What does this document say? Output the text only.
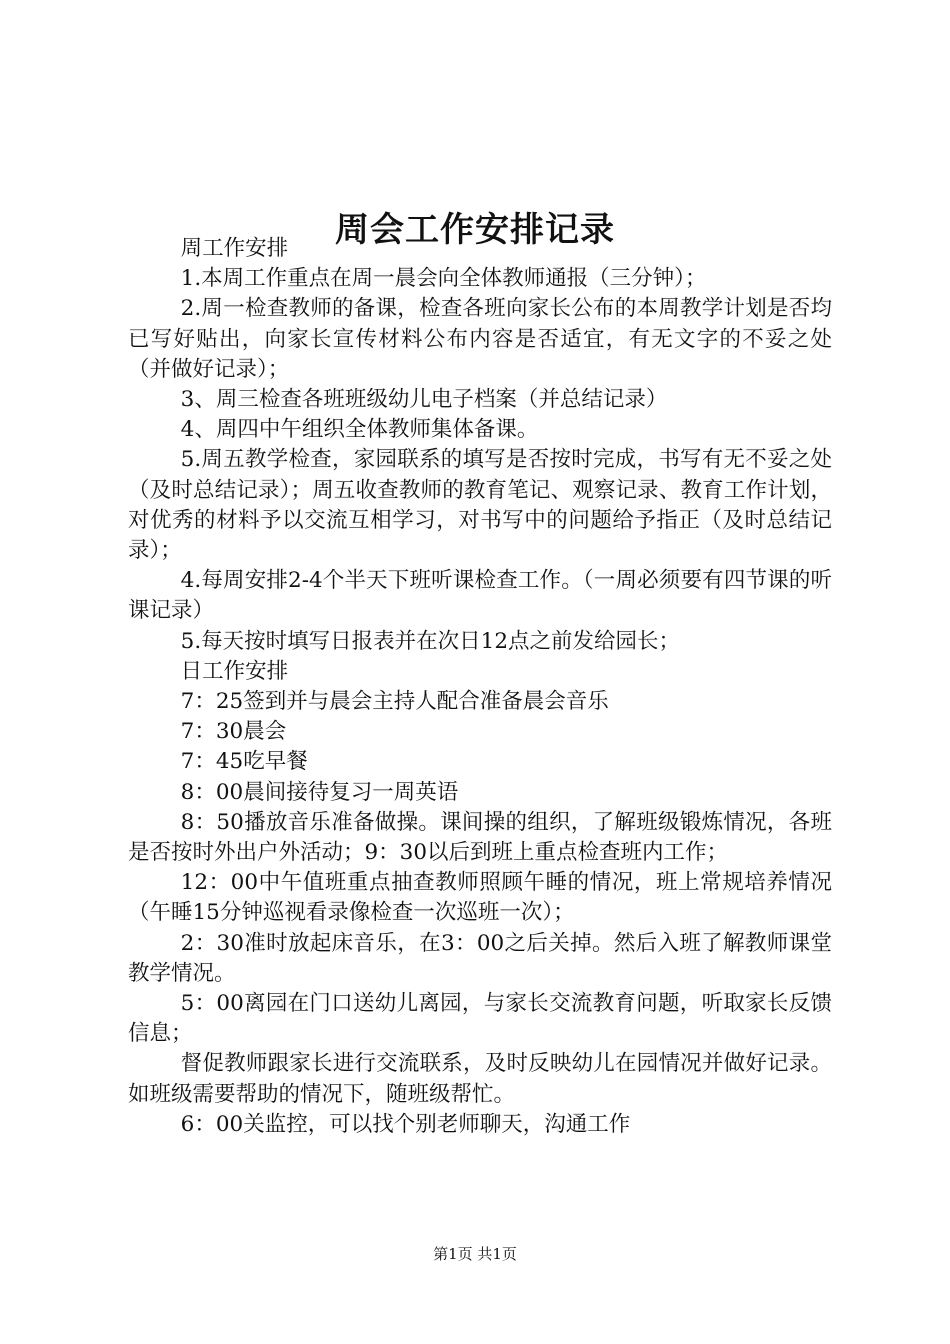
周会工作安排记录

周工作安排

1.本周工作重点在周一晨会向全体教师通报（三分钟）；

2.周一检查教师的备课，检查各班向家长公布的本周教学计划是否均已写好贴出，向家长宣传材料公布内容是否适宜，有无文字的不妥之处（并做好记录）；

3、周三检查各班班级幼儿电子档案（并总结记录）

4、周四中午组织全体教师集体备课。

5.周五教学检查，家园联系的填写是否按时完成，书写有无不妥之处（及时总结记录）；周五收查教师的教育笔记、观察记录、教育工作计划，对优秀的材料予以交流互相学习，对书写中的问题给予指正（及时总结记录）；

4.每周安排2-4个半天下班听课检查工作。（一周必须要有四节课的听课记录）

5.每天按时填写日报表并在次日12点之前发给园长；

日工作安排

7：25签到并与晨会主持人配合准备晨会音乐

7：30晨会

7：45吃早餐

8：00晨间接待复习一周英语

8：50播放音乐准备做操。课间操的组织，了解班级锻炼情况，各班是否按时外出户外活动；9：30以后到班上重点检查班内工作；

12：00中午值班重点抽查教师照顾午睡的情况，班上常规培养情况（午睡15分钟巡视看录像检查一次巡班一次）；

2：30准时放起床音乐，在3：00之后关掉。然后入班了解教师课堂教学情况。

5：00离园在门口送幼儿离园，与家长交流教育问题，听取家长反馈信息；

督促教师跟家长进行交流联系，及时反映幼儿在园情况并做好记录。如班级需要帮助的情况下，随班级帮忙。

6：00关监控，可以找个别老师聊天，沟通工作

第1页 共1页
